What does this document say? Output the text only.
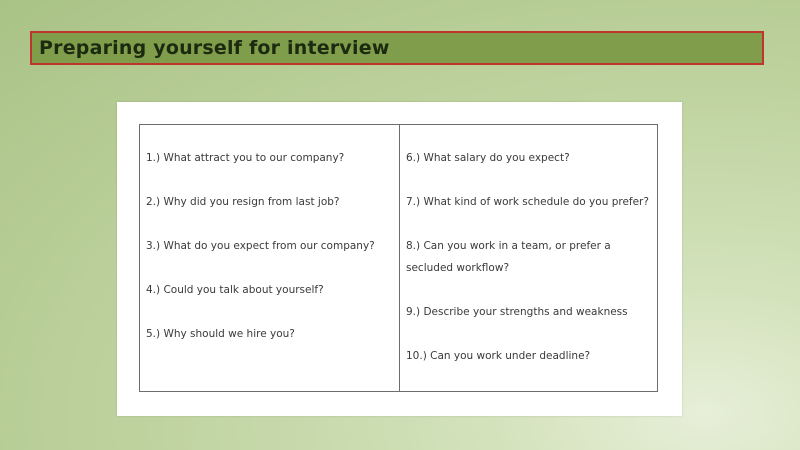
Preparing yourself for interview
1.) What attract you to our company?
2.) Why did you resign from last job?
3.) What do you expect from our company?
4.) Could you talk about yourself?
5.) Why should we hire you?
6.) What salary do you expect?
7.) What kind of work schedule do you prefer?
8.) Can you work in a team, or prefer a secluded workflow?
9.) Describe your strengths and weakness
10.) Can you work under deadline?
